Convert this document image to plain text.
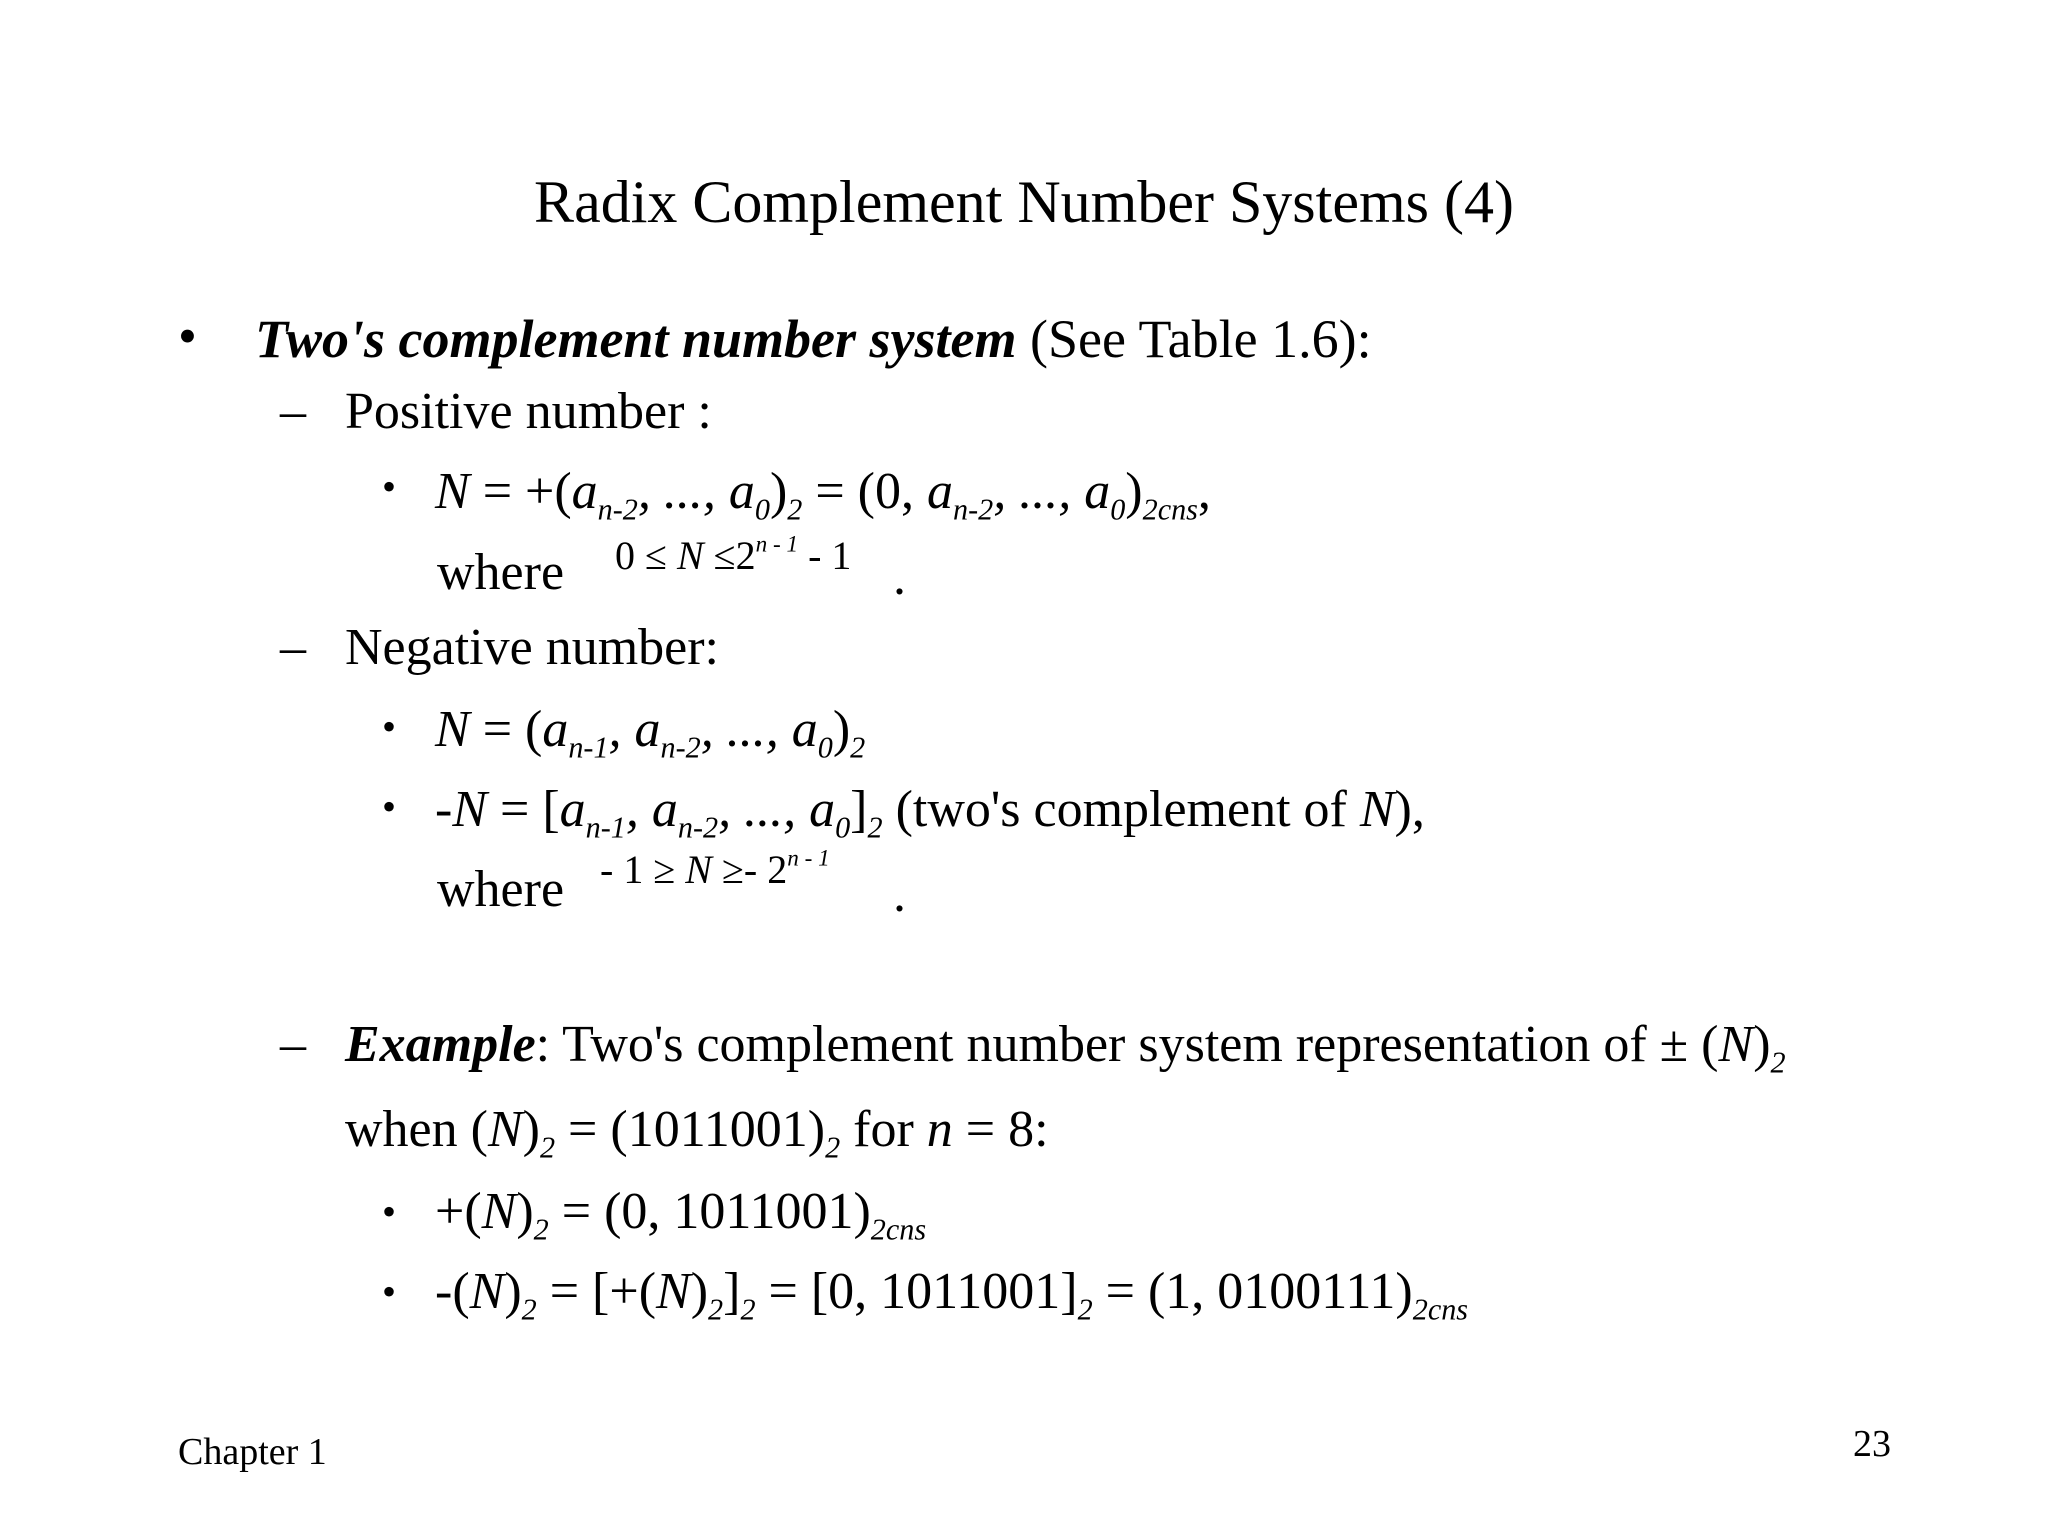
Radix Complement Number Systems (4)
• Two's complement number system (See Table 1.6):
– Positive number :
• $N = +(a_{n-2}$, ..., $a_0)_2 = (0$, $a_{n-2}$, ..., $a_0)_{2cns}$,
where $0 \le N \le 2^{n - 1} - 1$ .
– Negative number:
• $N = (a_{n-1}$, $a_{n-2}$, ..., $a_0)_2$
• $-N = [a_{n-1}$, $a_{n-2}$, ..., $a_0]_2$ (two's complement of N),
where - 1 ≥ N ≥- 2$^{n - 1}$
.
– Example: Two's complement number system representation of ± $(N)_2$
when $(N)_2 = (1011001)_2$ for n = 8:
• $+(N)_2 = (0$, $1011001)_{2cns}$
• $-(N)_2 = [+(N)_2]_2 = [0$, $1011001]_2 = (1$, $0100111)_{2cns}$
Chapter 1	23
